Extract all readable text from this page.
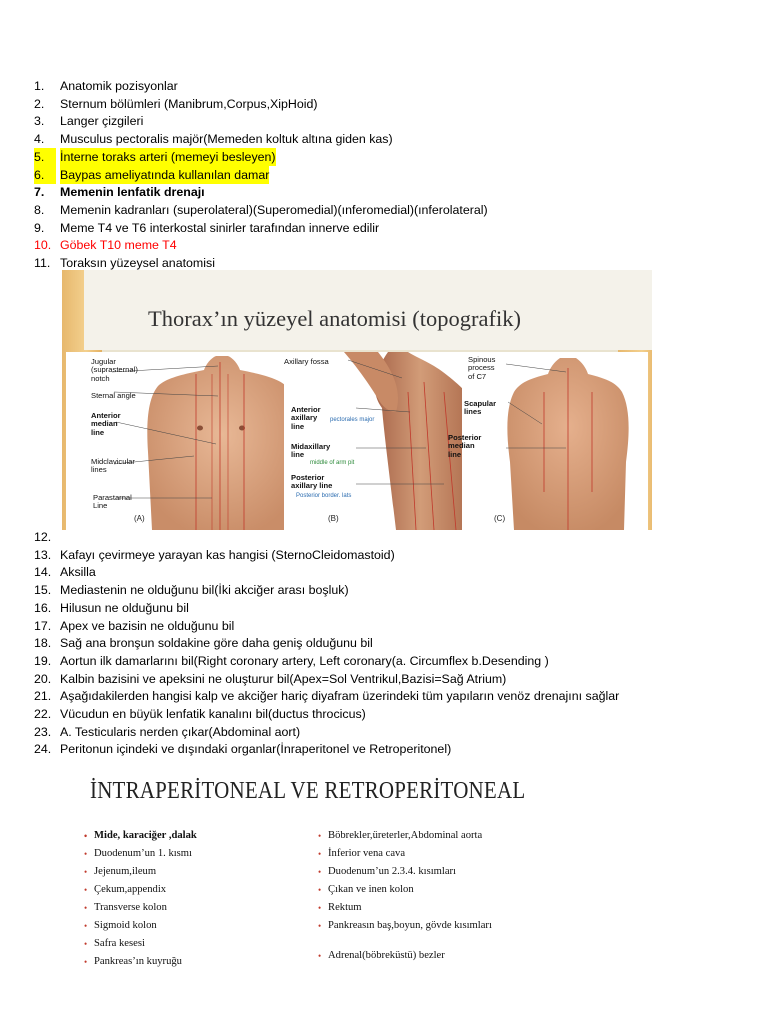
1.	Anatomik pozisyonlar
2.	Sternum bölümleri (Manibrum,Corpus,XipHoid)
3.	Langer çizgileri
4.	Musculus pectoralis majör(Memeden koltuk altına giden kas)
5.	İnterne toraks arteri (memeyi besleyen)
6.	Baypas ameliyatında kullanılan damar
7.	Memenin lenfatik drenajı
8.	Memenin kadranları (superolateral)(Superomedial)(ınferomedial)(ınferolateral)
9.	Meme T4 ve T6 interkostal sinirler tarafından innerve edilir
10. Göbek T10 meme T4
11. Toraksın yüzeysel anatomisi
12.
13. Kafayı çevirmeye yarayan kas hangisi (SternoCleidomastoid)
14. Aksilla
15. Mediastenin ne olduğunu bil(İki akciğer arası boşluk)
16. Hilusun ne olduğunu bil
17. Apex ve bazisin ne olduğunu bil
18. Sağ ana bronşun soldakine göre daha geniş olduğunu bil
19. Aortun ilk damarlarını bil(Right coronary artery, Left coronary(a. Circumflex b.Desending )
20. Kalbin bazisini ve apeksini ne oluşturur bil(Apex=Sol Ventrikul,Bazisi=Sağ Atrium)
21. Aşağıdakilerden hangisi kalp ve akciğer hariç diyafram üzerindeki tüm yapıların venöz drenajını sağlar
22. Vücudun en büyük lenfatik kanalını bil(ductus throcicus)
23. A. Testicularis nerden çıkar(Abdominal aort)
24. Peritonun içindeki ve dışındaki organlar(İnraperitonel ve Retroperitonel)
Thorax’ın yüzeyel anatomisi (topografik)
Jugular
(suprasternal)
notch
Sternal angle
Anterior
median
line
Midclavicular
lines
Parastarnal
Line
(A)
Axillary fossa
Anterior
axillary
line
pectorales major
Midaxillary
line
middle of arm pit
Posterior
axillary line
Posterior border. lats
(B)
Spinous
process
of C7
Scapular
lines
Posterior
median
line
(C)
İNTRAPERİTONEAL VE RETROPERİTONEAL
• Mide, karaciğer ,dalak
• Duodenum’un 1. kısmı
• Jejenum,ileum
• Çekum,appendix
• Transverse kolon
• Sigmoid kolon
• Safra kesesi
• Pankreas’ın kuyruğu
• Böbrekler,üreterler,Abdominal aorta
• İnferior vena cava
• Duodenum’un 2.3.4. kısımları
• Çıkan ve inen kolon
• Rektum
• Pankreasın baş,boyun, gövde kısımları
• Adrenal(böbreküstü) bezler
